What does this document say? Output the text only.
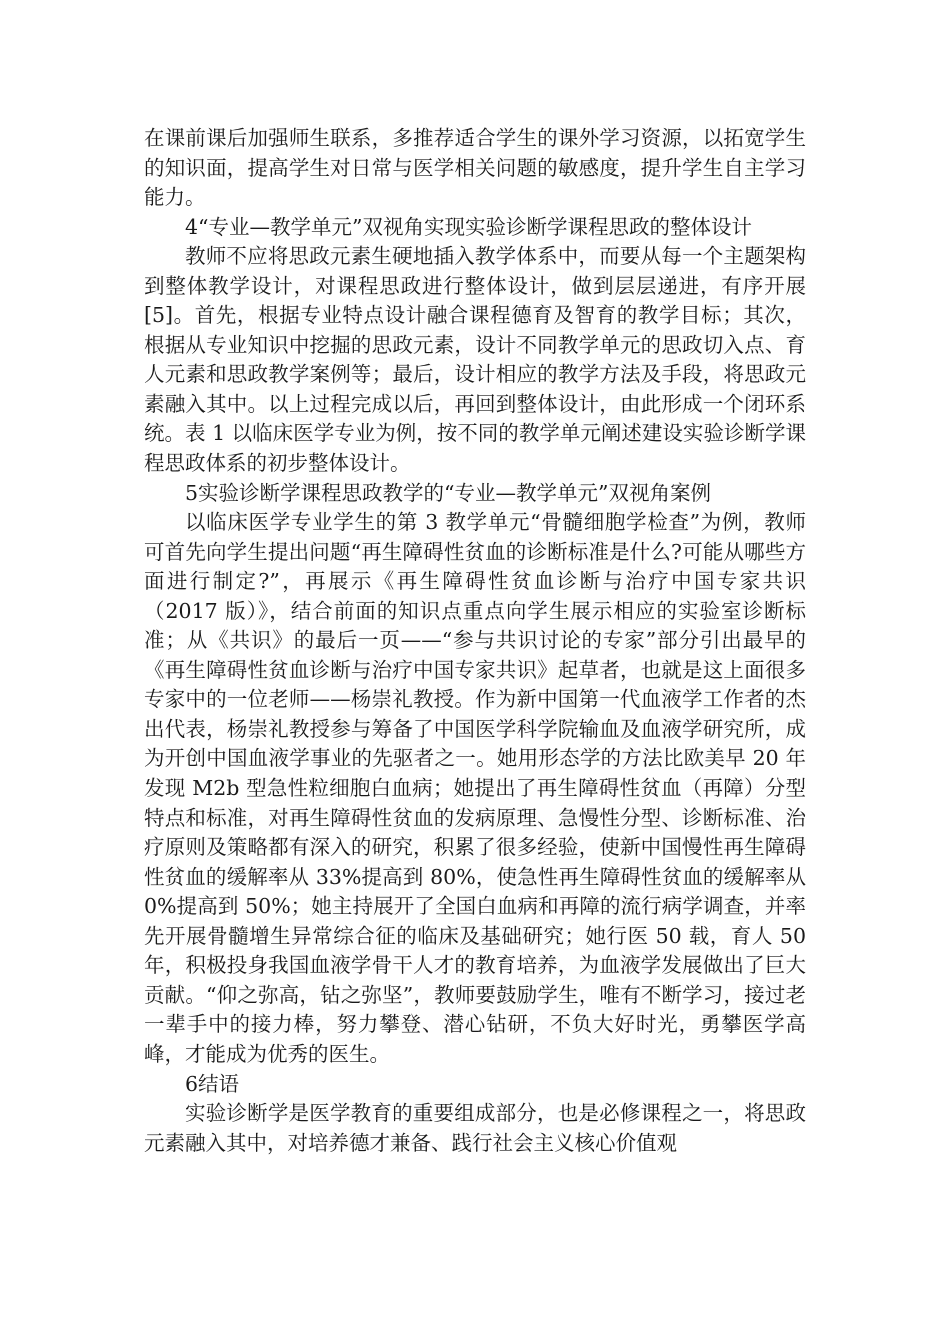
在课前课后加强师生联系，多推荐适合学生的课外学习资源，以拓宽学生的知识面，提高学生对日常与医学相关问题的敏感度，提升学生自主学习能力。

4“专业—教学单元”双视角实现实验诊断学课程思政的整体设计

教师不应将思政元素生硬地插入教学体系中，而要从每一个主题架构到整体教学设计，对课程思政进行整体设计，做到层层递进，有序开展[5]。首先，根据专业特点设计融合课程德育及智育的教学目标；其次，根据从专业知识中挖掘的思政元素，设计不同教学单元的思政切入点、育人元素和思政教学案例等；最后，设计相应的教学方法及手段，将思政元素融入其中。以上过程完成以后，再回到整体设计，由此形成一个闭环系统。表 1 以临床医学专业为例，按不同的教学单元阐述建设实验诊断学课程思政体系的初步整体设计。

5实验诊断学课程思政教学的“专业—教学单元”双视角案例

以临床医学专业学生的第 3 教学单元“骨髓细胞学检查”为例，教师可首先向学生提出问题“再生障碍性贫血的诊断标准是什么?可能从哪些方面进行制定?”，再展示《再生障碍性贫血诊断与治疗中国专家共识（2017 版）》，结合前面的知识点重点向学生展示相应的实验室诊断标准；从《共识》的最后一页——“参与共识讨论的专家”部分引出最早的《再生障碍性贫血诊断与治疗中国专家共识》起草者，也就是这上面很多专家中的一位老师——杨崇礼教授。作为新中国第一代血液学工作者的杰出代表，杨崇礼教授参与筹备了中国医学科学院输血及血液学研究所，成为开创中国血液学事业的先驱者之一。她用形态学的方法比欧美早 20 年发现 M2b 型急性粒细胞白血病；她提出了再生障碍性贫血（再障）分型特点和标准，对再生障碍性贫血的发病原理、急慢性分型、诊断标准、治疗原则及策略都有深入的研究，积累了很多经验，使新中国慢性再生障碍性贫血的缓解率从 33%提高到 80%，使急性再生障碍性贫血的缓解率从 0%提高到 50%；她主持展开了全国白血病和再障的流行病学调查，并率先开展骨髓增生异常综合征的临床及基础研究；她行医 50 载，育人 50 年，积极投身我国血液学骨干人才的教育培养，为血液学发展做出了巨大贡献。“仰之弥高，钻之弥坚”，教师要鼓励学生，唯有不断学习，接过老一辈手中的接力棒，努力攀登、潜心钻研，不负大好时光，勇攀医学高峰，才能成为优秀的医生。

6结语

实验诊断学是医学教育的重要组成部分，也是必修课程之一，将思政元素融入其中，对培养德才兼备、践行社会主义核心价值观
